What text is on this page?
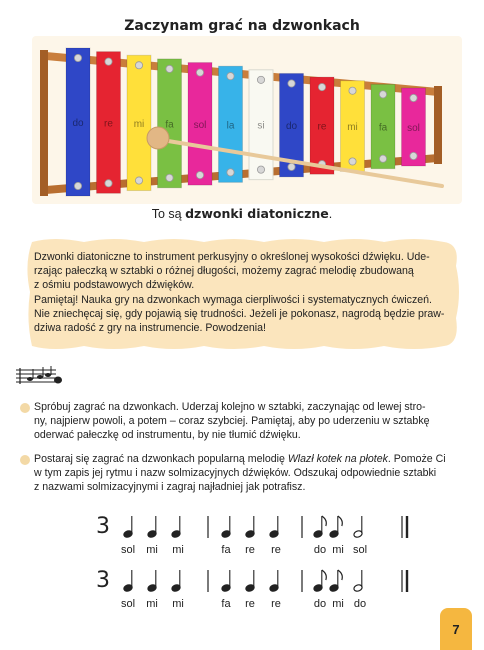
Zaczynam grać na dzwonkach
do re mi fa sol la si do re mi fa sol
To są dzwonki diatoniczne.

Dzwonki diatoniczne to instrument perkusyjny o określonej wysokości dźwięku. Ude-

rzając pałeczką w sztabki o różnej długości, możemy zagrać melodię zbudowaną

z ośmiu podstawowych dźwięków.

Pamiętaj! Nauka gry na dzwonkach wymaga cierpliwości i systematycznych ćwiczeń.

Nie zniechęcaj się, gdy pojawią się trudności. Jeżeli je pokonasz, nagrodą będzie praw-

dziwa radość z gry na instrumencie. Powodzenia!

Spróbuj zagrać na dzwonkach. Uderzaj kolejno w sztabki, zaczynając od lewej stro-
ny, najpierw powoli, a potem – coraz szybciej. Pamiętaj, aby po uderzeniu w sztabkę
oderwać pałeczkę od instrumentu, by nie tłumić dźwięku.
Postaraj się zagrać na dzwonkach popularną melodię Wlazł kotek na płotek. Pomoże Ci
w tym zapis jej rytmu i nazw solmizacyjnych dźwięków. Odszukaj odpowiednie sztabki
z nazwami solmizacyjnymi i zagraj najładniej jak potrafisz.
3
sol	mi	mi	fa	re	re	do mi sol
3
sol	mi	mi	fa	re	re	do mi do
7
